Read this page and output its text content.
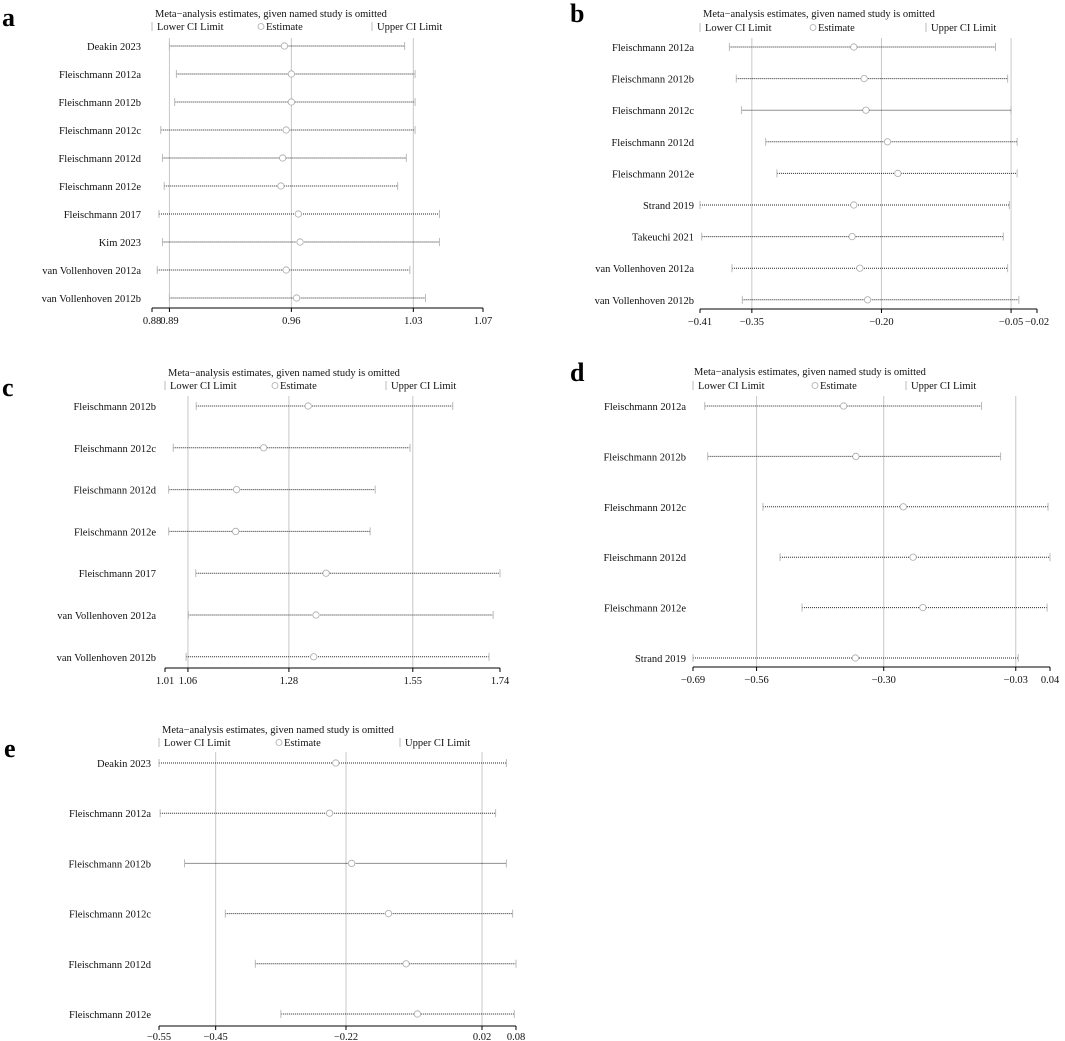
a	Meta−analysis estimates, given named study is omitted
Lower CI Limit	Estimate	Upper CI Limit
0.88 0.89	0.96	1.03	1.07
Deakin 2023
Fleischmann 2012a
Fleischmann 2012b
Fleischmann 2012c
Fleischmann 2012d
Fleischmann 2012e
Fleischmann 2017
Kim 2023
van Vollenhoven 2012a
van Vollenhoven 2012b
b	Meta−analysis estimates, given named study is omitted
Lower CI Limit	Estimate	Upper CI Limit
−0.41	−0.35	−0.20	−0.05 −0.02
Fleischmann 2012a
Fleischmann 2012b
Fleischmann 2012c
Fleischmann 2012d
Fleischmann 2012e
Strand 2019
Takeuchi 2021
van Vollenhoven 2012a
van Vollenhoven 2012b
c	Meta−analysis estimates, given named study is omitted
Lower CI Limit	Estimate	Upper CI Limit
1.01 1.06	1.28	1.55	1.74
Fleischmann 2012b
Fleischmann 2012c
Fleischmann 2012d
Fleischmann 2012e
Fleischmann 2017
van Vollenhoven 2012a
van Vollenhoven 2012b
d	Meta−analysis estimates, given named study is omitted
Lower CI Limit	Estimate	Upper CI Limit
−0.69	−0.56	−0.30	−0.03 0.04
Fleischmann 2012a
Fleischmann 2012b
Fleischmann 2012c
Fleischmann 2012d
Fleischmann 2012e
Strand 2019
e
Meta−analysis estimates, given named study is omitted
Lower CI Limit	Estimate	Upper CI Limit
−0.55	−0.45	−0.22	0.02 0.08
Deakin 2023
Fleischmann 2012a
Fleischmann 2012b
Fleischmann 2012c
Fleischmann 2012d
Fleischmann 2012e
